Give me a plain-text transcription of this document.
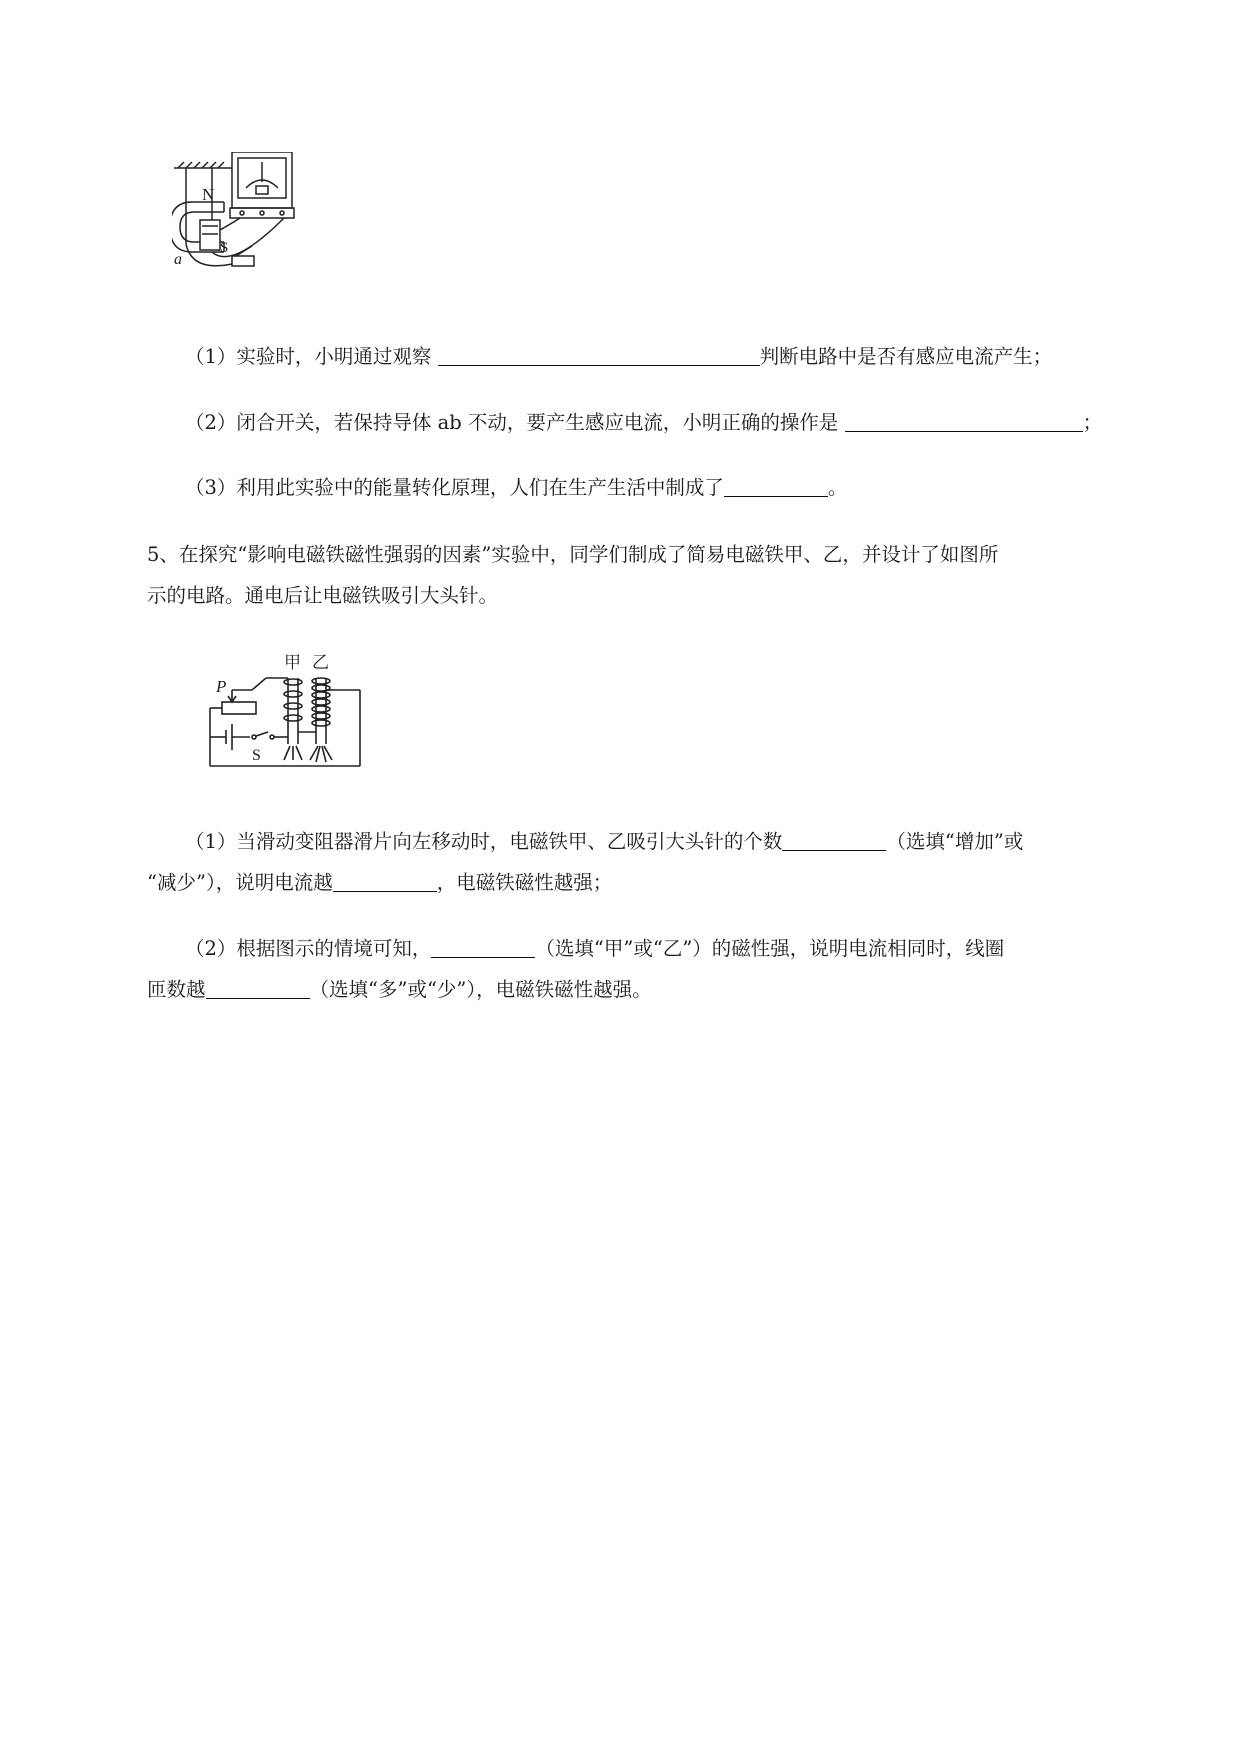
N
S
a
（1）实验时，小明通过观察	判断电路中是否有感应电流产生；
（2）闭合开关，若保持导体 ab 不动，要产生感应电流，小明正确的操作是	；
（3）利用此实验中的能量转化原理，人们在生产生活中制成了	。
5、在探究“影响电磁铁磁性强弱的因素”实验中，同学们制成了简易电磁铁甲、乙，并设计了如图所
示的电路。通电后让电磁铁吸引大头针。
甲 乙
P
S
（1）当滑动变阻器滑片向左移动时，电磁铁甲、乙吸引大头针的个数	（选填“增加”或
“减少”），说明电流越	，电磁铁磁性越强；
（2）根据图示的情境可知，	（选填“甲”或“乙”）的磁性强，说明电流相同时，线圈
匝数越	（选填“多”或“少”），电磁铁磁性越强。
